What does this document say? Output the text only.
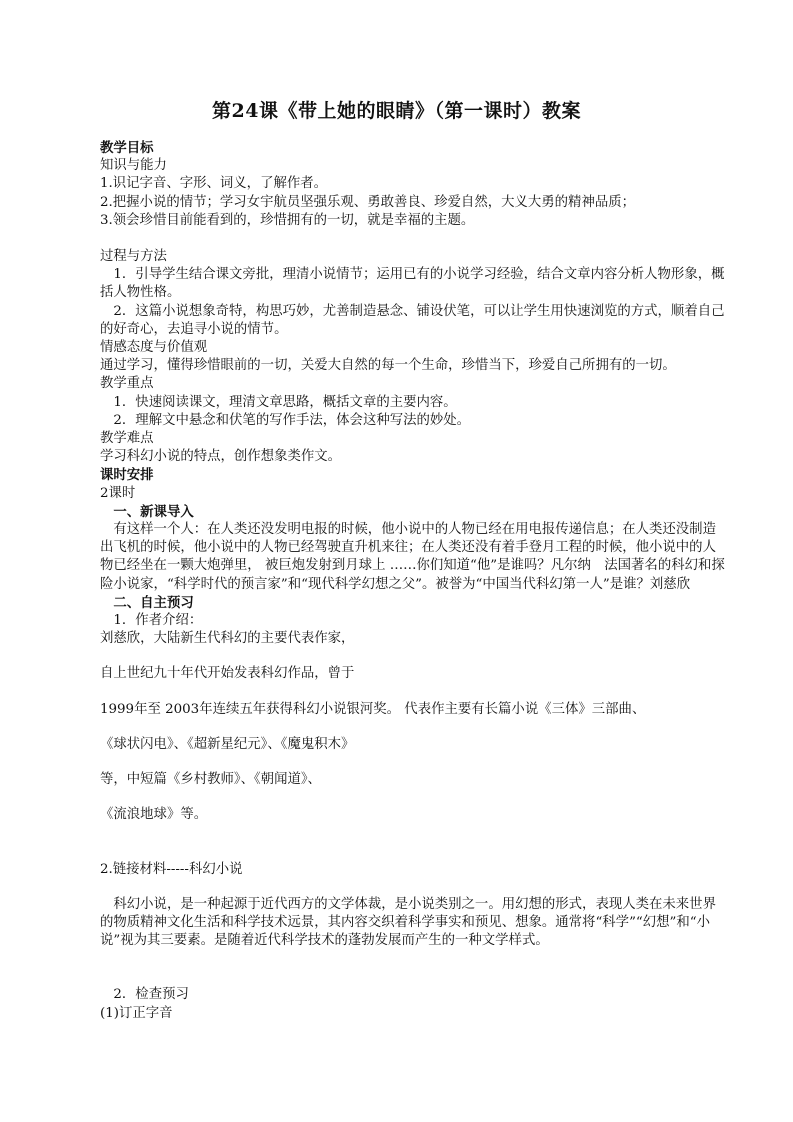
第24课《带上她的眼睛》（第一课时）教案

教学目标

知识与能力

1.识记字音、字形、词义，了解作者。

2.把握小说的情节；学习女宇航员坚强乐观、勇敢善良、珍爱自然，大义大勇的精神品质；

3.领会珍惜目前能看到的，珍惜拥有的一切，就是幸福的主题。

过程与方法

1．引导学生结合课文旁批，理清小说情节；运用已有的小说学习经验，结合文章内容分析人物形象，概括人物性格。

2．这篇小说想象奇特，构思巧妙，尤善制造悬念、铺设伏笔，可以让学生用快速浏览的方式，顺着自己的好奇心，去追寻小说的情节。

情感态度与价值观

通过学习，懂得珍惜眼前的一切，关爱大自然的每一个生命，珍惜当下，珍爱自己所拥有的一切。

教学重点

1．快速阅读课文，理清文章思路，概括文章的主要内容。

2．理解文中悬念和伏笔的写作手法，体会这种写法的妙处。

教学难点

学习科幻小说的特点，创作想象类作文。

课时安排

2课时

一、新课导入

有这样一个人：在人类还没发明电报的时候，他小说中的人物已经在用电报传递信息；在人类还没制造出飞机的时候，他小说中的人物已经驾驶直升机来往；在人类还没有着手登月工程的时候，他小说中的人物已经坐在一颗大炮弹里， 被巨炮发射到月球上 ……你们知道“他”是谁吗？凡尔纳　法国著名的科幻和探险小说家，“科学时代的预言家”和“现代科学幻想之父”。被誉为“中国当代科幻第一人”是谁？刘慈欣

二、自主预习

1．作者介绍：

刘慈欣，大陆新生代科幻的主要代表作家，

自上世纪九十年代开始发表科幻作品，曾于

1999年至 2003年连续五年获得科幻小说银河奖。 代表作主要有长篇小说《三体》三部曲、

《球状闪电》、《超新星纪元》、《魔鬼积木》

等，中短篇《乡村教师》、《朝闻道》、

《流浪地球》等。

2.链接材料-----科幻小说

科幻小说，是一种起源于近代西方的文学体裁，是小说类别之一。用幻想的形式，表现人类在未来世界的物质精神文化生活和科学技术远景，其内容交织着科学事实和预见、想象。通常将“科学”“幻想”和“小说”视为其三要素。是随着近代科学技术的蓬勃发展而产生的一种文学样式。

2．检查预习

(1)订正字音
